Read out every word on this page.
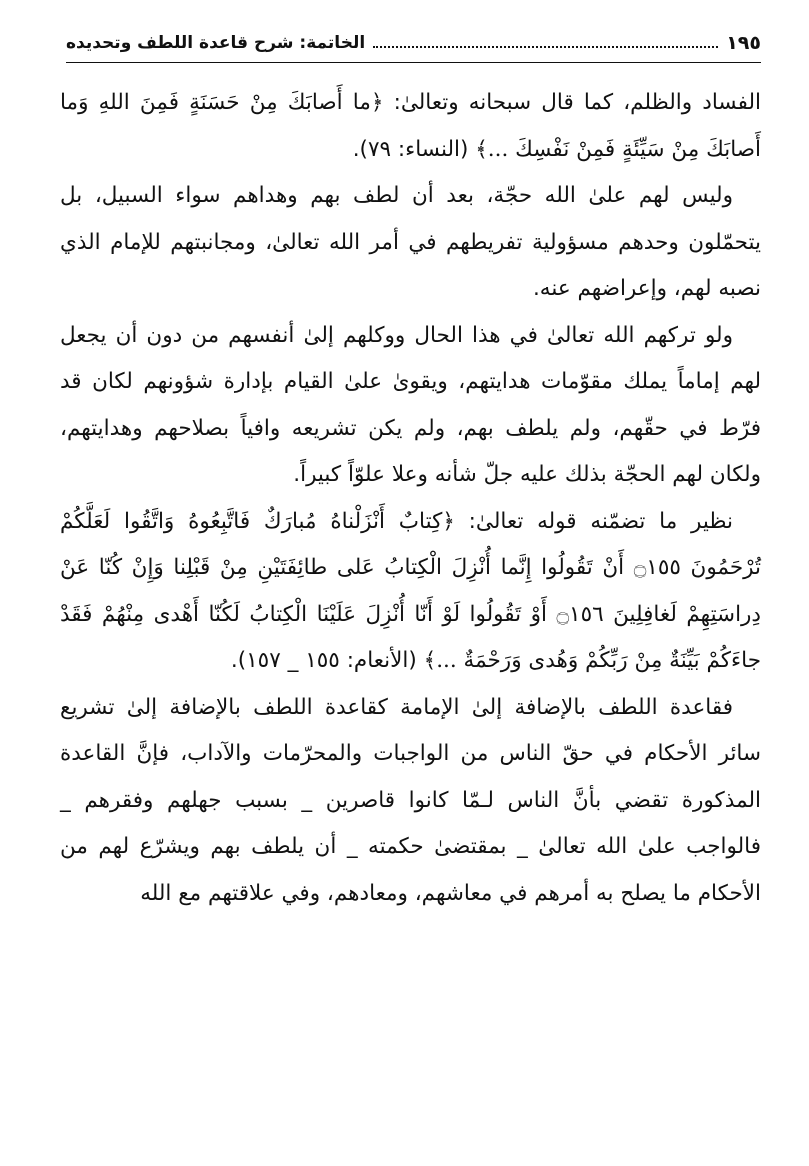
الخاتمة: شرح قاعدة اللطف وتحديده	١٩٥

الفساد والظلم، كما قال سبحانه وتعالىٰ: ﴿ما أَصابَكَ مِنْ حَسَنَةٍ فَمِنَ اللهِ وَما أَصابَكَ مِنْ سَيِّئَةٍ فَمِنْ نَفْسِكَ ...﴾ (النساء: ٧٩).

وليس لهم علىٰ الله حجّة، بعد أن لطف بهم وهداهم سواء السبيل، بل يتحمّلون وحدهم مسؤولية تفريطهم في أمر الله تعالىٰ، ومجانبتهم للإمام الذي نصبه لهم، وإعراضهم عنه.

ولو تركهم الله تعالىٰ في هذا الحال ووكلهم إلىٰ أنفسهم من دون أن يجعل لهم إماماً يملك مقوّمات هدايتهم، ويقوىٰ علىٰ القيام بإدارة شؤونهم لكان قد فرّط في حقّهم، ولم يلطف بهم، ولم يكن تشريعه وافياً بصلاحهم وهدايتهم، ولكان لهم الحجّة بذلك عليه جلّ شأنه وعلا علوّاً كبيراً.

نظير ما تضمّنه قوله تعالىٰ: ﴿كِتابٌ أَنْزَلْناهُ مُبارَكٌ فَاتَّبِعُوهُ وَاتَّقُوا لَعَلَّكُمْ تُرْحَمُونَ ۝١٥٥ أَنْ تَقُولُوا إِنَّما أُنْزِلَ الْكِتابُ عَلى طائِفَتَيْنِ مِنْ قَبْلِنا وَإِنْ كُنّا عَنْ دِراسَتِهِمْ لَغافِلِينَ ۝١٥٦ أَوْ تَقُولُوا لَوْ أَنّا أُنْزِلَ عَلَيْنَا الْكِتابُ لَكُنّا أَهْدى مِنْهُمْ فَقَدْ جاءَكُمْ بَيِّنَةٌ مِنْ رَبِّكُمْ وَهُدى وَرَحْمَةٌ ...﴾ (الأنعام: ١٥٥ _ ١٥٧).

فقاعدة اللطف بالإضافة إلىٰ الإمامة كقاعدة اللطف بالإضافة إلىٰ تشريع سائر الأحكام في حقّ الناس من الواجبات والمحرّمات والآداب، فإنَّ القاعدة المذكورة تقضي بأنَّ الناس لـمّا كانوا قاصرين _ بسبب جهلهم وفقرهم _ فالواجب علىٰ الله تعالىٰ _ بمقتضىٰ حكمته _ أن يلطف بهم ويشرّع لهم من الأحكام ما يصلح به أمرهم في معاشهم، ومعادهم، وفي علاقتهم مع الله
